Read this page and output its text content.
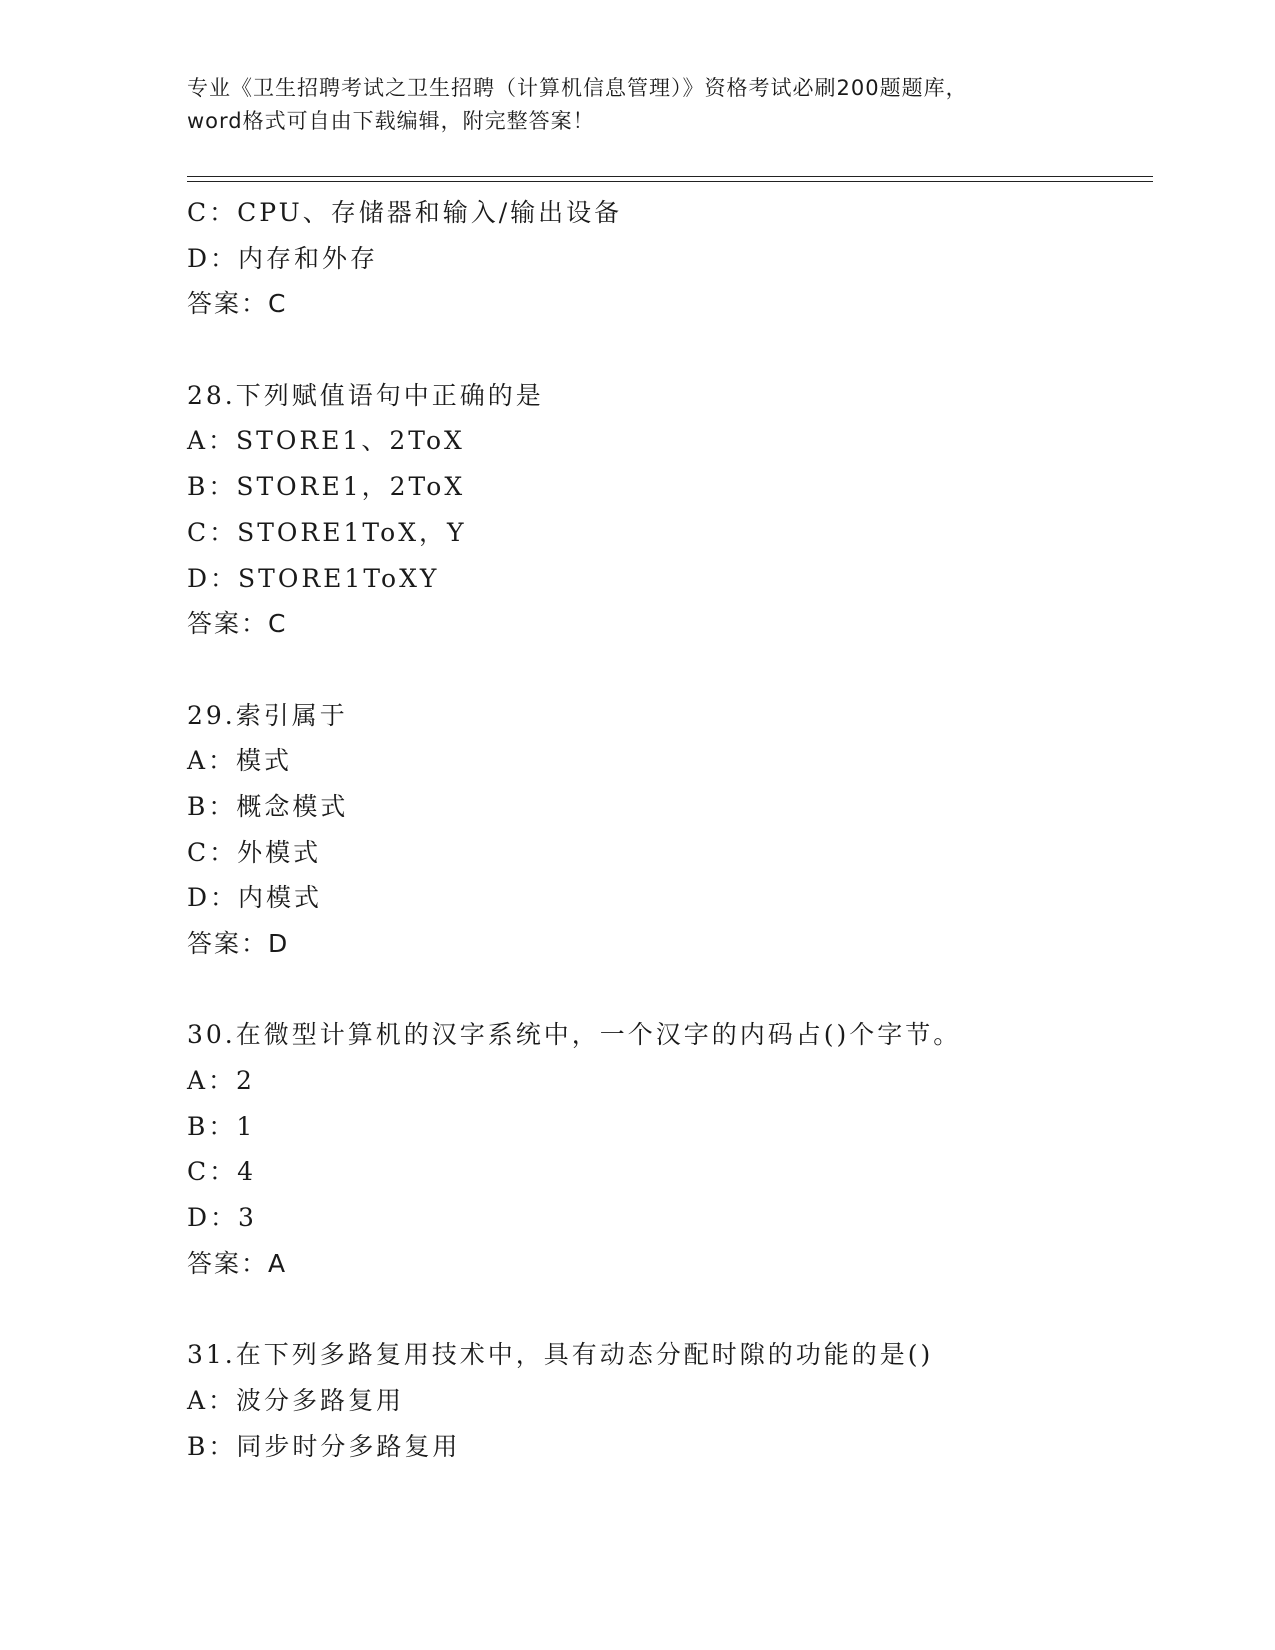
专业《卫生招聘考试之卫生招聘（计算机信息管理）》资格考试必刷200题题库，
word格式可自由下载编辑，附完整答案！
C：CPU、存储器和输入/输出设备
D：内存和外存
答案：C
28.下列赋值语句中正确的是
A：STORE1、2ToX
B：STORE1，2ToX
C：STORE1ToX，Y
D：STORE1ToXY
答案：C
29.索引属于
A：模式
B：概念模式
C：外模式
D：内模式
答案：D
30.在微型计算机的汉字系统中，一个汉字的内码占()个字节。
A：2
B：1
C：4
D：3
答案：A
31.在下列多路复用技术中，具有动态分配时隙的功能的是()
A：波分多路复用
B：同步时分多路复用
